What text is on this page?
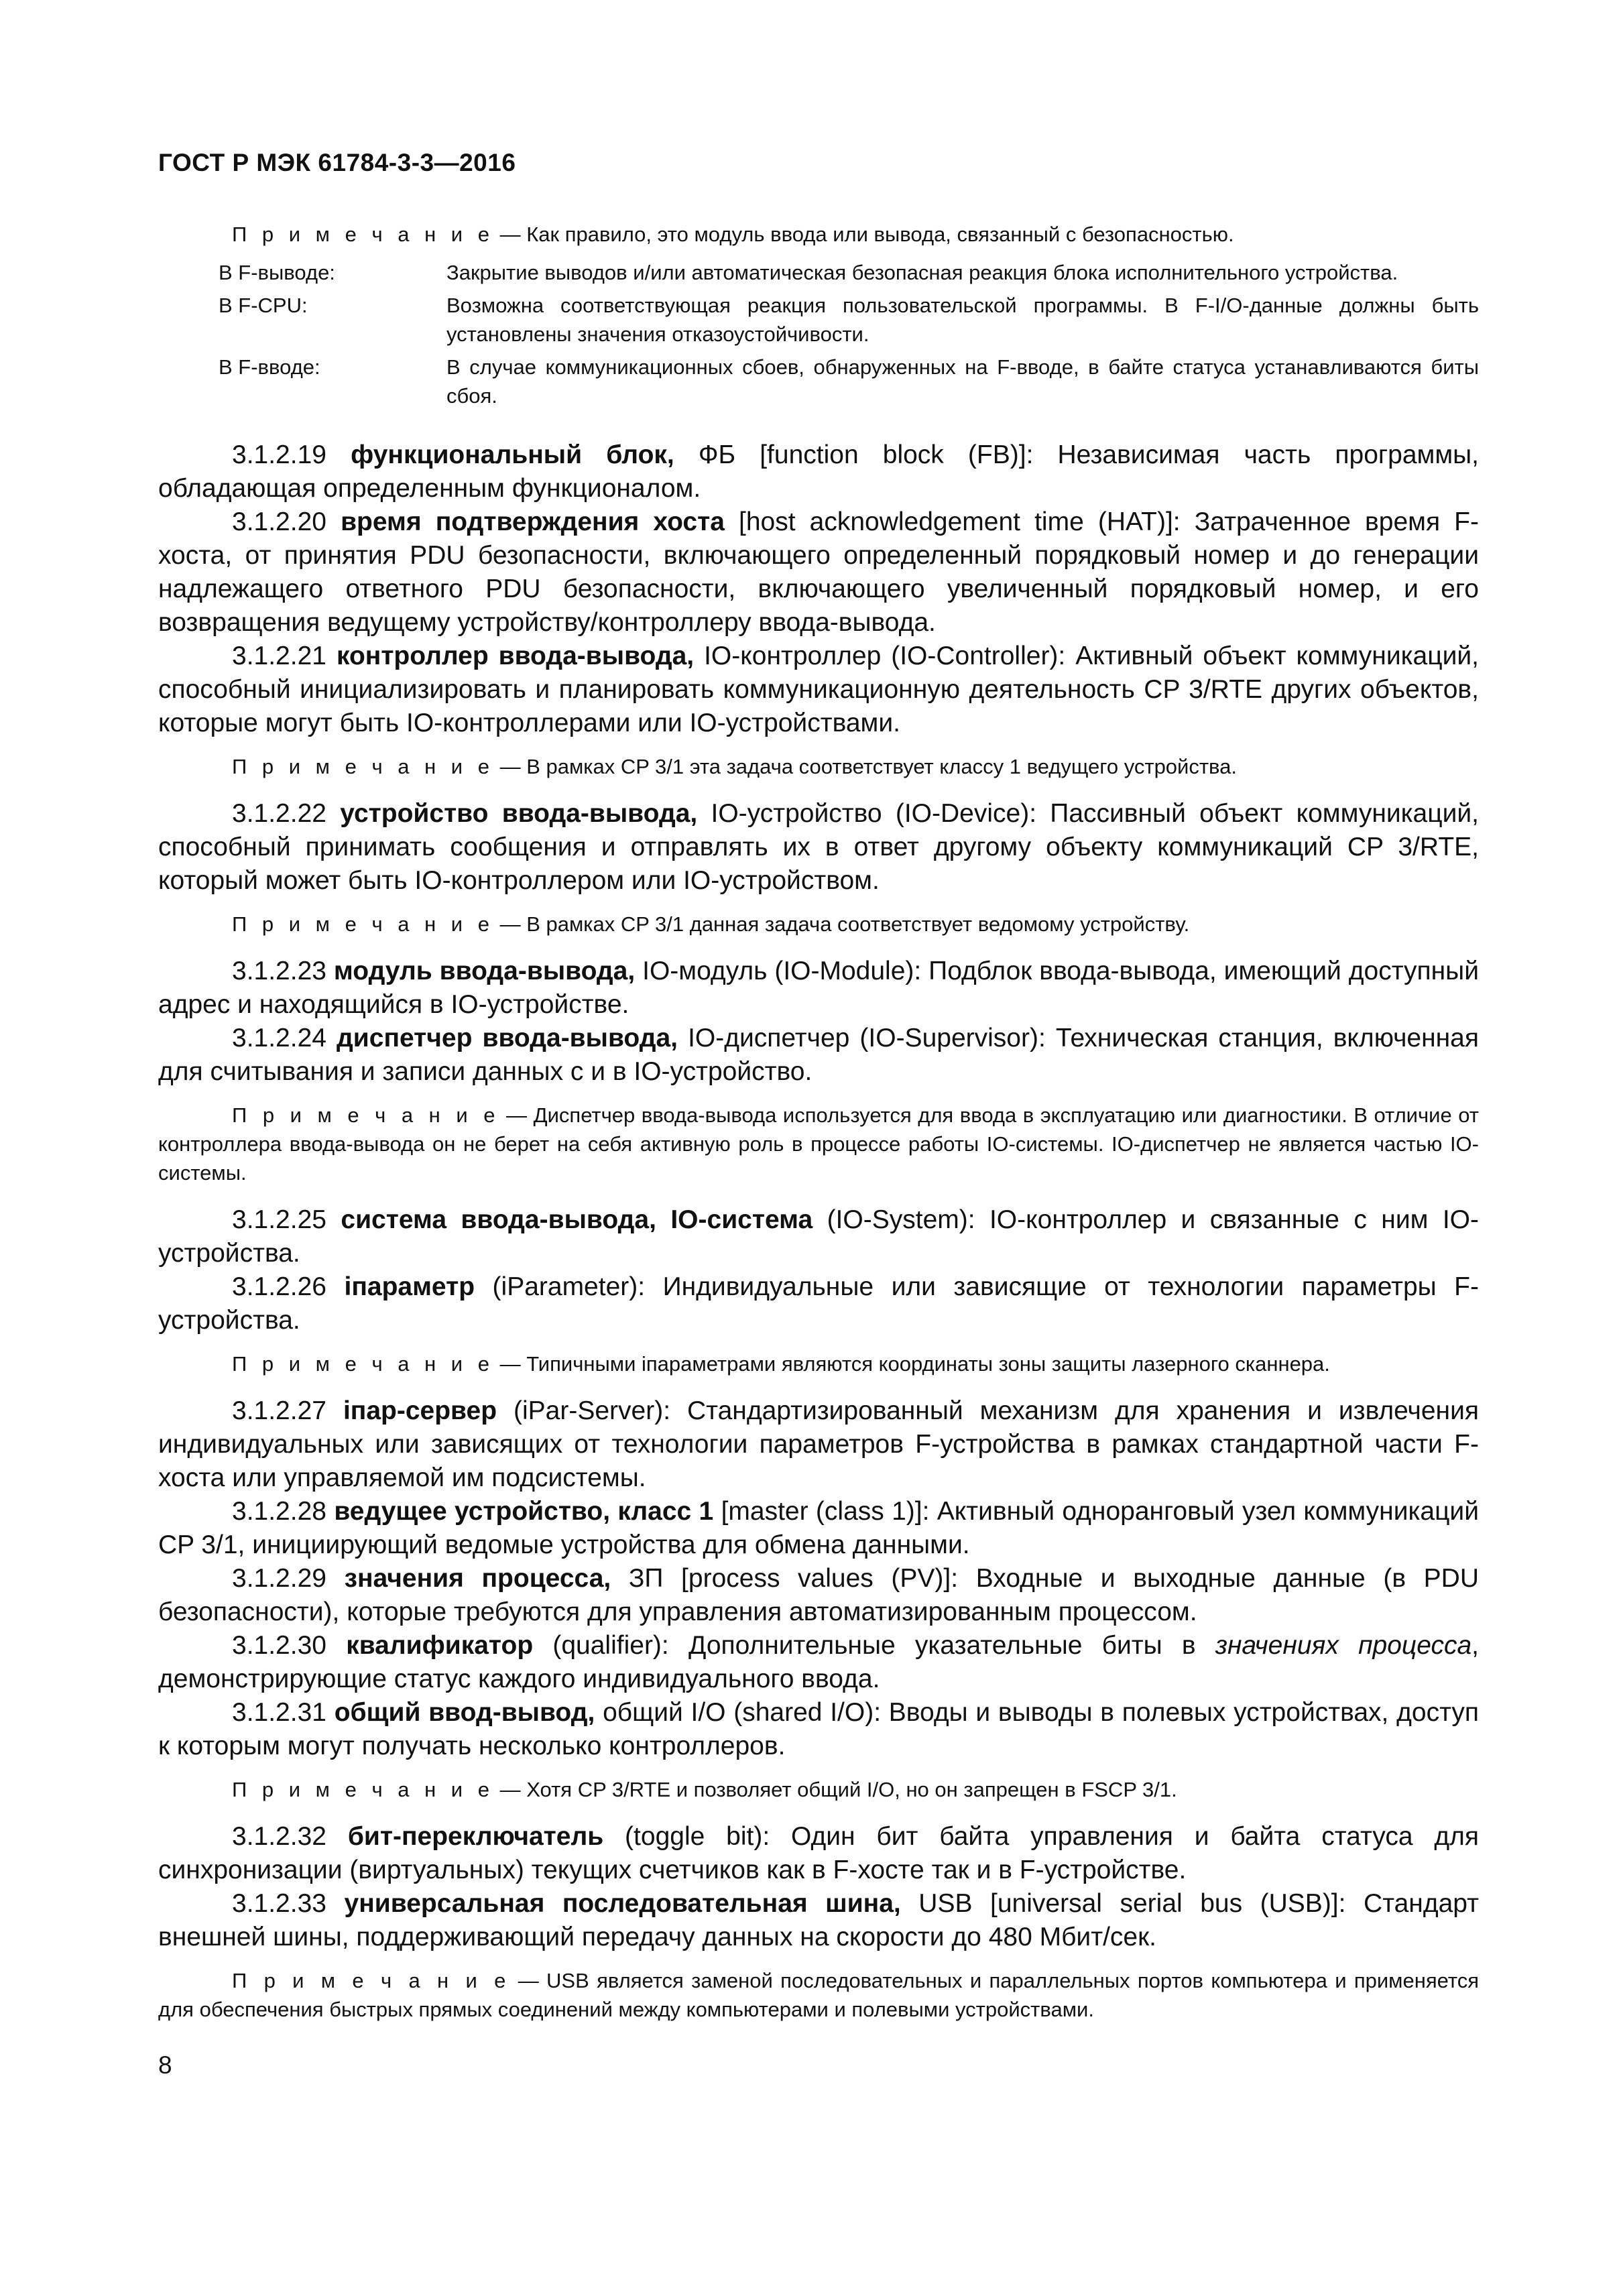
ГОСТ Р МЭК 61784-3-3—2016

П р и м е ч а н и е — Как правило, это модуль ввода или вывода, связанный с безопасностью.

В F-выводе:	Закрытие выводов и/или автоматическая безопасная реакция блока исполнительного устройства.
В F-CPU:	Возможна соответствующая реакция пользовательской программы. В F-I/O-данные должны быть установлены значения отказоустойчивости.
В F-вводе:	В случае коммуникационных сбоев, обнаруженных на F-вводе, в байте статуса устанавливаются биты сбоя.

3.1.2.19 функциональный блок, ФБ [function block (FB)]: Независимая часть программы, обладающая определенным функционалом.

3.1.2.20 время подтверждения хоста [host acknowledgement time (HAT)]: Затраченное время F-хоста, от принятия PDU безопасности, включающего определенный порядковый номер и до генерации надлежащего ответного PDU безопасности, включающего увеличенный порядковый номер, и его возвращения ведущему устройству/контроллеру ввода-вывода.

3.1.2.21 контроллер ввода-вывода, IO-контроллер (IO-Controller): Активный объект коммуникаций, способный инициализировать и планировать коммуникационную деятельность CP 3/RTE других объектов, которые могут быть IO-контроллерами или IO-устройствами.

П р и м е ч а н и е — В рамках CP 3/1 эта задача соответствует классу 1 ведущего устройства.

3.1.2.22 устройство ввода-вывода, IO-устройство (IO-Device): Пассивный объект коммуникаций, способный принимать сообщения и отправлять их в ответ другому объекту коммуникаций CP 3/RTE, который может быть IO-контроллером или IO-устройством.

П р и м е ч а н и е — В рамках CP 3/1 данная задача соответствует ведомому устройству.

3.1.2.23 модуль ввода-вывода, IO-модуль (IO-Module): Подблок ввода-вывода, имеющий доступный адрес и находящийся в IO-устройстве.

3.1.2.24 диспетчер ввода-вывода, IO-диспетчер (IO-Supervisor): Техническая станция, включенная для считывания и записи данных с и в IO-устройство.

П р и м е ч а н и е — Диспетчер ввода-вывода используется для ввода в эксплуатацию или диагностики. В отличие от контроллера ввода-вывода он не берет на себя активную роль в процессе работы IO-системы. IO-диспетчер не является частью IO-системы.

3.1.2.25 система ввода-вывода, IO-система (IO-System): IO-контроллер и связанные с ним IO-устройства.

3.1.2.26 iпараметр (iParameter): Индивидуальные или зависящие от технологии параметры F-устройства.

П р и м е ч а н и е — Типичными iпараметрами являются координаты зоны защиты лазерного сканнера.

3.1.2.27 iпар-сервер (iPar-Server): Стандартизированный механизм для хранения и извлечения индивидуальных или зависящих от технологии параметров F-устройства в рамках стандартной части F-хоста или управляемой им подсистемы.

3.1.2.28 ведущее устройство, класс 1 [master (class 1)]: Активный одноранговый узел коммуникаций CP 3/1, инициирующий ведомые устройства для обмена данными.

3.1.2.29 значения процесса, ЗП [process values (PV)]: Входные и выходные данные (в PDU безопасности), которые требуются для управления автоматизированным процессом.

3.1.2.30 квалификатор (qualifier): Дополнительные указательные биты в значениях процесса, демонстрирующие статус каждого индивидуального ввода.

3.1.2.31 общий ввод-вывод, общий I/O (shared I/O): Вводы и выводы в полевых устройствах, доступ к которым могут получать несколько контроллеров.

П р и м е ч а н и е — Хотя CP 3/RTE и позволяет общий I/O, но он запрещен в FSCP 3/1.

3.1.2.32 бит-переключатель (toggle bit): Один бит байта управления и байта статуса для синхронизации (виртуальных) текущих счетчиков как в F-хосте так и в F-устройстве.

3.1.2.33 универсальная последовательная шина, USB [universal serial bus (USB)]: Стандарт внешней шины, поддерживающий передачу данных на скорости до 480 Мбит/сек.

П р и м е ч а н и е — USB является заменой последовательных и параллельных портов компьютера и применяется для обеспечения быстрых прямых соединений между компьютерами и полевыми устройствами.

8
